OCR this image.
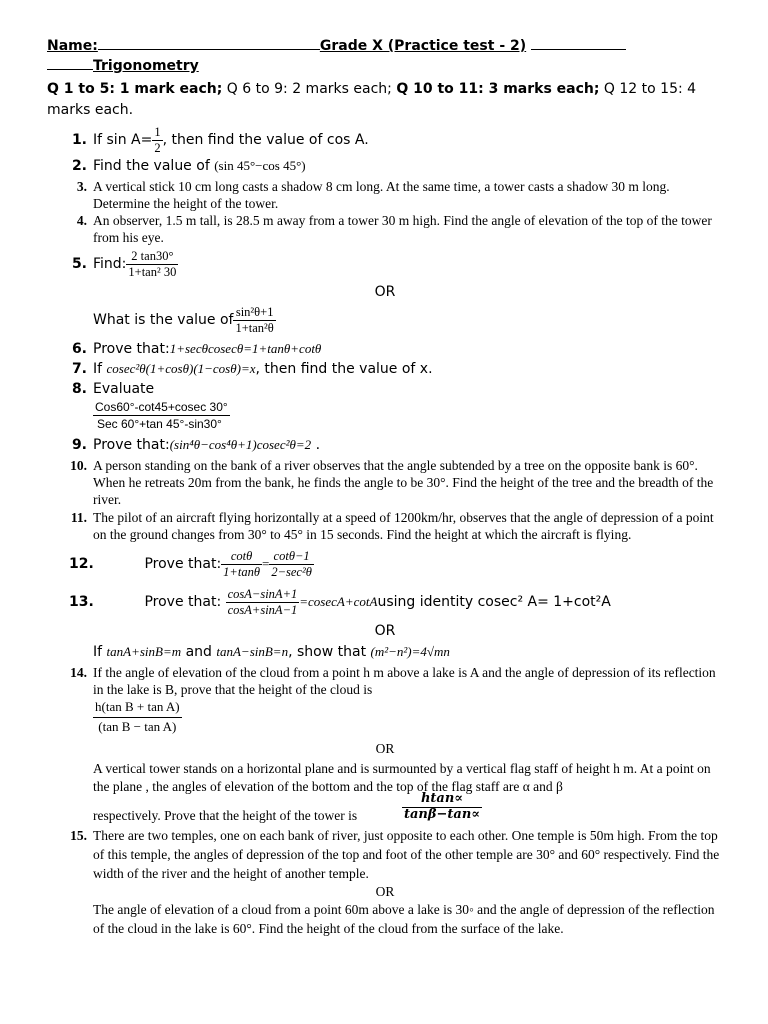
Name:	Grade X (Practice test - 2)
Trigonometry
Q 1 to 5: 1 mark each; Q 6 to 9: 2 marks each; Q 10 to 11: 3 marks each; Q 12 to 15: 4 marks each.
1. If $\sin A= \frac{1}{2}$ , then find the value of cos A.
2. Find the value of (sin 45°−cos 45°)
3. A vertical stick 10 cm long casts a shadow 8 cm long. At the same time, a tower casts a shadow 30 m long. Determine the height of the tower.
4. An observer, 1.5 m tall, is 28.5 m away from a tower 30 m high. Find the angle of elevation of the top of the tower from his eye.
5. Find: $\frac{2 \tan 30^\circ}{\text{1+tan² 30}}$
OR
What is the value of $\frac{\text{sin²θ+1}}{\text{1+tan²θ}}$
6. Prove that:1+secθcosecθ=1+tanθ+cotθ
7. If cosec²θ(1+cosθ)(1−cosθ)=x, then find the value of x.
8. Evaluate
Cos60°-cot45+cosec 30°
Sec 60°+tan 45°-sin30°
9. Prove that:(sin⁴θ−cos⁴θ+1)cosec²θ=2 .
10. A person standing on the bank of a river observes that the angle subtended by a tree on the opposite bank is 60°. When he retreats 20m from the bank, he finds the angle to be 30°. Find the height of the tree and the breadth of the river.
11. The pilot of an aircraft flying horizontally at a speed of 1200km/hr, observes that the angle of depression of a point on the ground changes from 30° to 45° in 15 seconds. Find the height at which the aircraft is flying.
12.	Prove that: $\frac{\cot\theta}{1+\tan\theta} = \frac{\cot\theta-1}{\text{2−sec²θ}}$
13.	Prove that: $\frac{\cos A-\sin A+1}{\cos A+\sin A-1}$ =cosecA+cotAusing identity cosec² A= 1+cot²A
OR
If tanA+sinB=m and tanA−sinB=n, show that (m²−n²)=4√mn
14. If the angle of elevation of the cloud from a point h m above a lake is A and the angle of depression of its reflection in the lake is B, prove that the height of the cloud is
$\frac{\text{h(tan B + tan A)}}{\text{(tan B − tan A)}}$
OR
A vertical tower stands on a horizontal plane and is surmounted by a vertical flag staff of height h m. At a point on the plane , the angles of elevation of the bottom and the top of the flag staff are α and β
respectively. Prove that the height of the tower is	$\frac{htan\propto}{\tan\beta-\tan\propto}$
15. There are two temples, one on each bank of river, just opposite to each other. One temple is 50m high. From the top of this temple, the angles of depression of the top and foot of the other temple are 30° and 60° respectively. Find the width of the river and the height of another temple.
OR
The angle of elevation of a cloud from a point 60m above a lake is 30◦ and the angle of depression of the reflection of the cloud in the lake is 60°. Find the height of the cloud from the surface of the lake.
